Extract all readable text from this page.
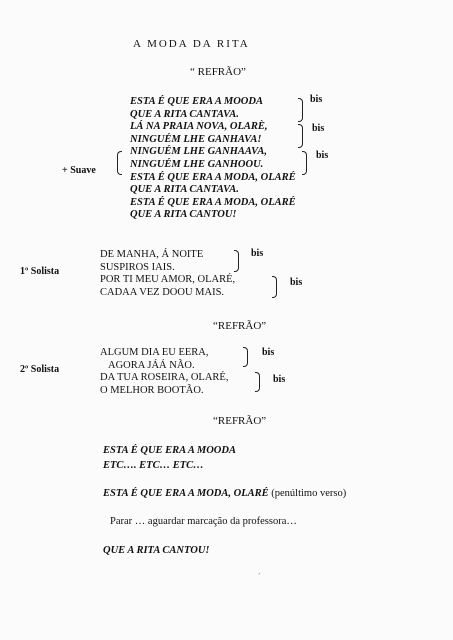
A MODA DA RITA
“ REFRÃO”
ESTA É QUE ERA A MOODA
QUE A RITA CANTAVA.
LÁ NA PRAIA NOVA, OLARÈ,
NINGUÉM LHE GANHAVA!
NINGUÉM LHE GANHAAVA,
NINGUÉM LHE GANHOOU.
ESTA É QUE ERA A MODA, OLARÉ
QUE A RITA CANTAVA.
ESTA É QUE ERA A MODA, OLARÉ
QUE A RITA CANTOU!
bis
bis
bis
+ Suave
1º Solista
DE MANHA, Á NOITE
SUSPIROS IAIS.
POR TI MEU AMOR, OLARÉ,
CADAA VEZ DOOU MAIS.
bis
bis
“REFRÃO”
2º Solista
ALGUM DIA EU EERA,
AGORA JÁÁ NÃO.
DA TUA ROSEIRA, OLARÉ,
O MELHOR BOOTÃO.
bis
bis
“REFRÃO”
ESTA É QUE ERA A MOODA
ETC…. ETC… ETC…
ESTA É QUE ERA A MODA, OLARÉ (penúltimo verso)
Parar … aguardar marcação da professora…
QUE A RITA CANTOU!
´
